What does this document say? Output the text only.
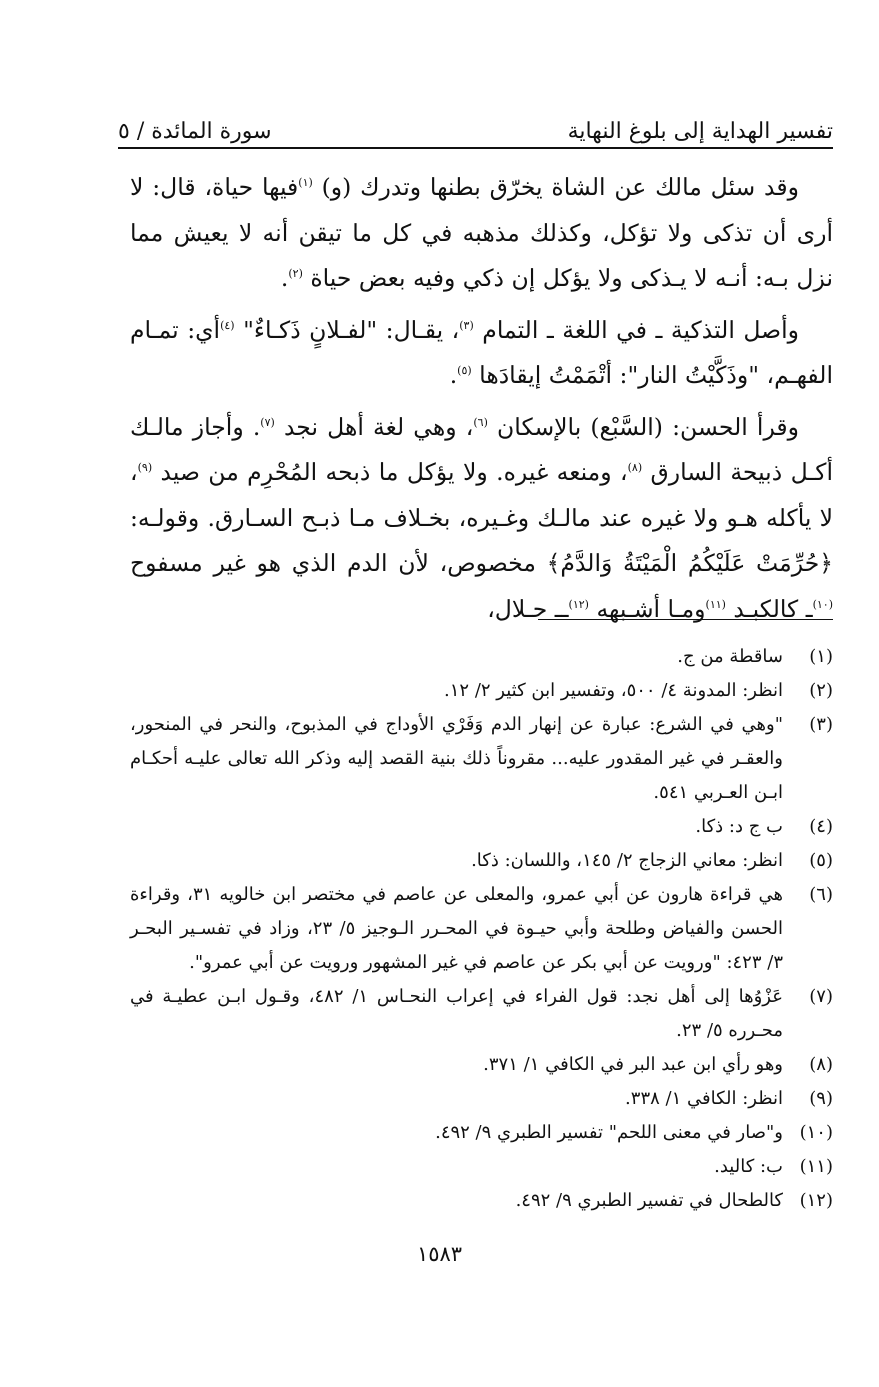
تفسير الهداية إلى بلوغ النهاية
سورة المائدة / ٥

وقد سئل مالك عن الشاة يخرّق بطنها وتدرك (و) $^{(١)}$فيها حياة، قال: لا أرى أن تذكى ولا تؤكل، وكذلك مذهبه في كل ما تيقن أنه لا يعيش مما نزل بـه: أنـه لا يـذكى ولا يؤكل إن ذكي وفيه بعض حياة $^{(٢)}$.

وأصل التذكية ـ في اللغة ـ التمام $^{(٣)}$، يقـال: "لفـلانٍ ذَكـاءٌ" $^{(٤)}$أي: تمـام الفهـم، "وذَكَّيْتُ النار": أتْمَمْتُ إيقادَها $^{(٥)}$.

وقرأ الحسن: (السَّبْع) بالإسكان $^{(٦)}$، وهي لغة أهل نجد $^{(٧)}$. وأجاز مالـك أكـل ذبيحة السارق $^{(٨)}$، ومنعه غيره. ولا يؤكل ما ذبحه المُحْرِم من صيد $^{(٩)}$، لا يأكله هـو ولا غيره عند مالـك وغـيره، بخـلاف مـا ذبـح السـارق. وقولـه: ﴿حُرِّمَتْ عَلَيْكُمُ الْمَيْتَةُ وَالدَّمُ﴾ مخصوص، لأن الدم الذي هو غير مسفوح $^{(١٠)}$ـ كالكبـد $^{(١١)}$ومـا أشـبهه $^{(١٢)}$ــ حـلال،

(١)
ساقطة من ج.
(٢)
انظر: المدونة ٤/ ٥٠٠، وتفسير ابن كثير ٢/ ١٢.
(٣)
"وهي في الشرع: عبارة عن إنهار الدم وَفَرْي الأوداج في المذبوح، والنحر في المنحور، والعقـر في غير المقدور عليه... مقروناً ذلك بنية القصد إليه وذكر الله تعالى عليـه أحكـام ابـن العـربي ٥٤١.
(٤)
ب ج د: ذكا.
(٥)
انظر: معاني الزجاج ٢/ ١٤٥، واللسان: ذكا.
(٦)
هي قراءة هارون عن أبي عمرو، والمعلى عن عاصم في مختصر ابن خالويه ٣١، وقراءة الحسن والفياض وطلحة وأبي حيـوة في المحـرر الـوجيز ٥/ ٢٣، وزاد في تفسـير البحـر ٣/ ٤٢٣: "ورويت عن أبي بكر عن عاصم في غير المشهور ورويت عن أبي عمرو".
(٧)
عَزْوُها إلى أهل نجد: قول الفراء في إعراب النحـاس ١/ ٤٨٢، وقـول ابـن عطيـة في محـرره ٥/ ٢٣.
(٨)
وهو رأي ابن عبد البر في الكافي ١/ ٣٧١.
(٩)
انظر: الكافي ١/ ٣٣٨.
(١٠)
و"صار في معنى اللحم" تفسير الطبري ٩/ ٤٩٢.
(١١)
ب: كاليد.
(١٢)
كالطحال في تفسير الطبري ٩/ ٤٩٢.
١٥٨٣
